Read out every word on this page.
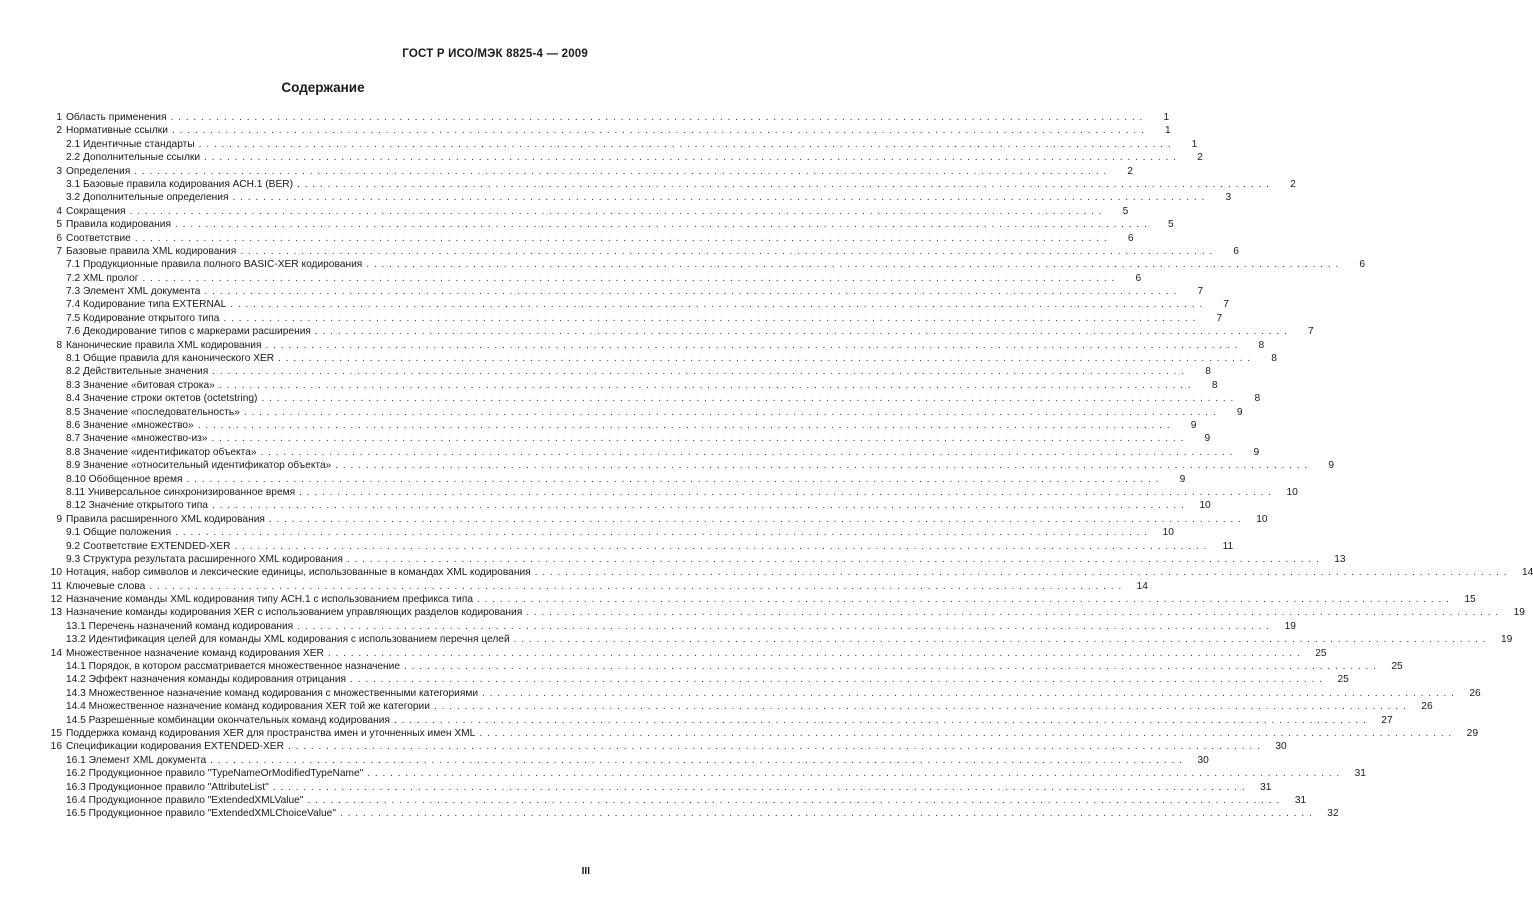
ГОСТ Р ИСО/МЭК 8825-4 — 2009
Содержание
1 Область применения .....	1
2 Нормативные ссылки .....	1
2.1 Идентичные стандарты .....	1
2.2 Дополнительные ссылки .....	2
3 Определения .....	2
3.1 Базовые правила кодирования АСН.1 (BER) .....	2
3.2 Дополнительные определения .....	3
4 Сокращения .....	5
5 Правила кодирования .....	5
6 Соответствие .....	6
7 Базовые правила XML кодирования .....	6
7.1 Продукционные правила полного BASIC-XER кодирования .....	6
7.2 XML пролог .....	6
7.3 Элемент XML документа .....	7
7.4 Кодирование типа EXTERNAL .....	7
7.5 Кодирование открытого типа .....	7
7.6 Декодирование типов с маркерами расширения .....	7
8 Канонические правила XML кодирования .....	8
8.1 Общие правила для канонического XER .....	8
8.2 Действительные значения .....	8
8.3 Значение «битовая строка» .....	8
8.4 Значение строки октетов (octetstring) .....	8
8.5 Значение «последовательность» .....	9
8.6 Значение «множество» .....	9
8.7 Значение «множество-из» .....	9
8.8 Значение «идентификатор объекта» .....	9
8.9 Значение «относительный идентификатор объекта» .....	9
8.10 Обобщенное время .....	9
8.11 Универсальное синхронизированное время .....	10
8.12 Значение открытого типа .....	10
9 Правила расширенного XML кодирования .....	10
9.1 Общие положения .....	10
9.2 Соответствие EXTENDED-XER .....	11
9.3 Структура результата расширенного XML кодирования .....	13
10 Нотация, набор символов и лексические единицы, использованные в командах XML кодирования .....	14
11 Ключевые слова .....	14
12 Назначение команды XML кодирования типу АСН.1 с использованием префикса типа .....	15
13 Назначение команды кодирования XER с использованием управляющих разделов кодирования .....	19
13.1 Перечень назначений команд кодирования .....	19
13.2 Идентификация целей для команды XML кодирования с использованием перечня целей .....	19
14 Множественное назначение команд кодирования XER .....	25
14.1 Порядок, в котором рассматривается множественное назначение .....	25
14.2 Эффект назначения команды кодирования отрицания .....	25
14.3 Множественное назначение команд кодирования с множественными категориями .....	26
14.4 Множественное назначение команд кодирования XER той же категории .....	26
14.5 Разрешенные комбинации окончательных команд кодирования .....	27
15 Поддержка команд кодирования XER для пространства имен и уточненных имен XML .....	29
16 Спецификации кодирования EXTENDED-XER .....	30
16.1 Элемент XML документа .....	30
16.2 Продукционное правило "TypeNameOrModifiedTypeName" .....	31
16.3 Продукционное правило "AttributeList" .....	31
16.4 Продукционное правило "ExtendedXMLValue" .....	31
16.5 Продукционное правило "ExtendedXMLChoiceValue" .....	32
III
